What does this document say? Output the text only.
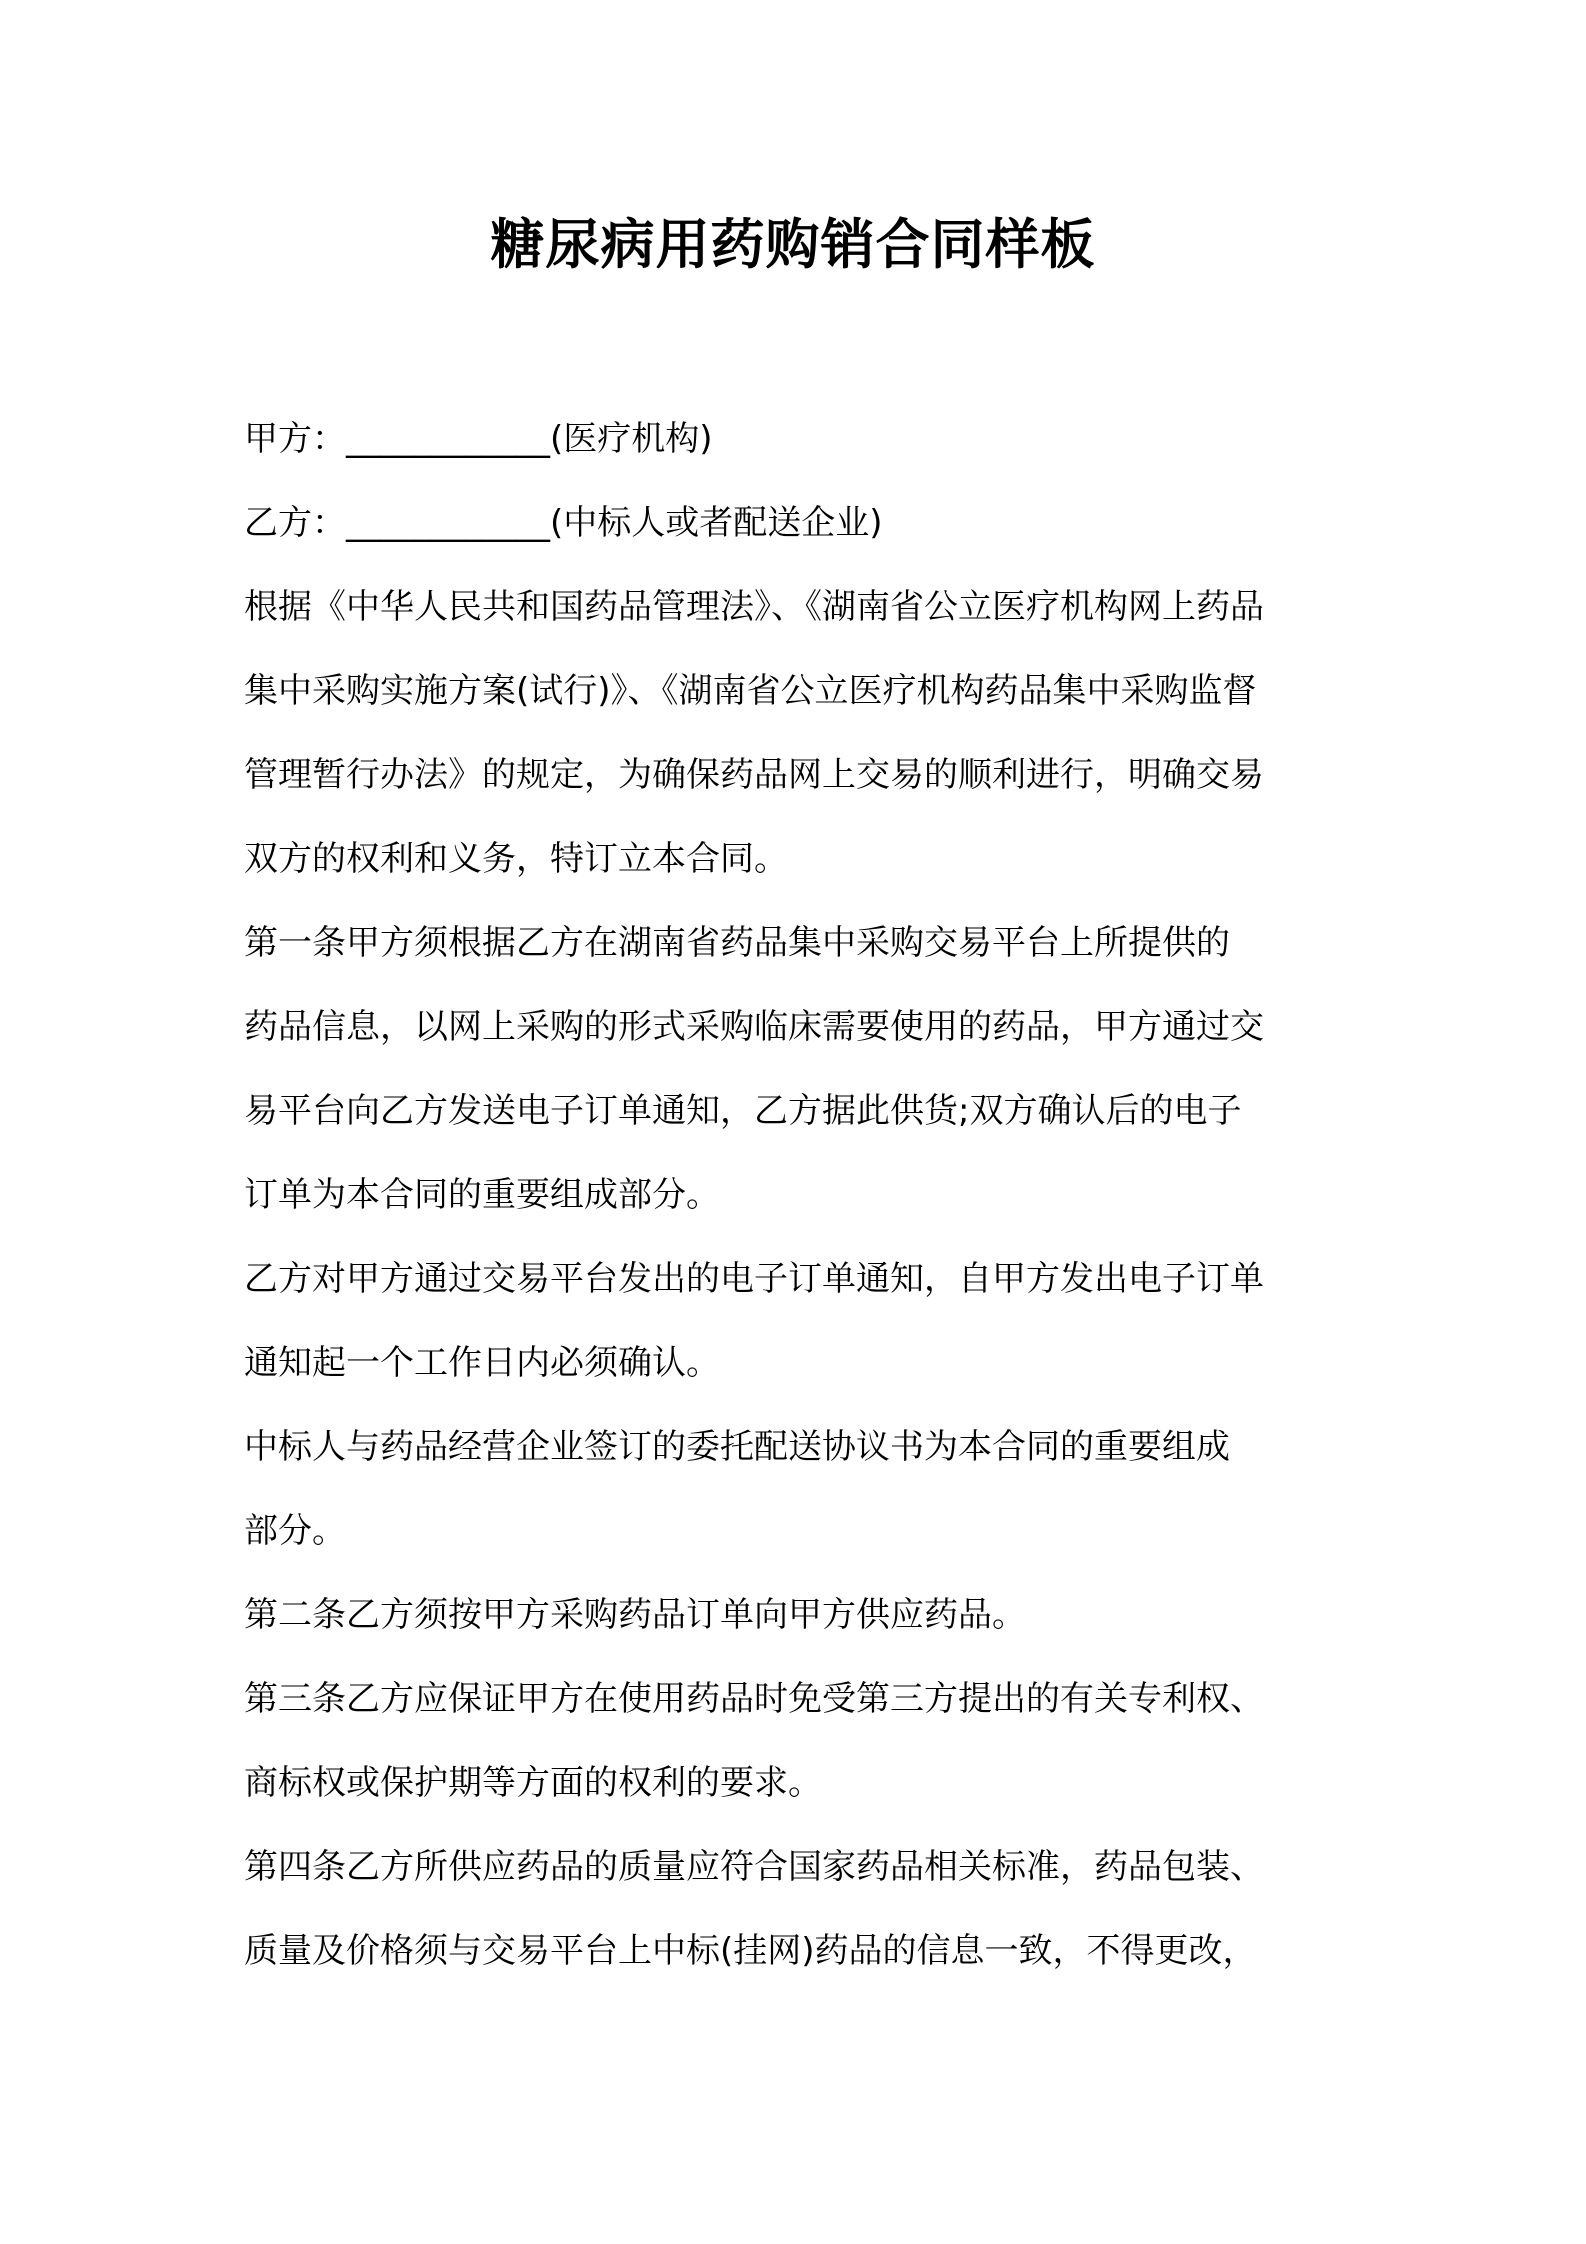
糖尿病用药购销合同样板
甲方：____________(医疗机构)
乙方：____________(中标人或者配送企业)
根据《中华人民共和国药品管理法》、《湖南省公立医疗机构网上药品
集中采购实施方案(试行)》、《湖南省公立医疗机构药品集中采购监督
管理暂行办法》的规定，为确保药品网上交易的顺利进行，明确交易
双方的权利和义务，特订立本合同。
第一条甲方须根据乙方在湖南省药品集中采购交易平台上所提供的
药品信息，以网上采购的形式采购临床需要使用的药品，甲方通过交
易平台向乙方发送电子订单通知，乙方据此供货;双方确认后的电子
订单为本合同的重要组成部分。
乙方对甲方通过交易平台发出的电子订单通知，自甲方发出电子订单
通知起一个工作日内必须确认。
中标人与药品经营企业签订的委托配送协议书为本合同的重要组成
部分。
第二条乙方须按甲方采购药品订单向甲方供应药品。
第三条乙方应保证甲方在使用药品时免受第三方提出的有关专利权、
商标权或保护期等方面的权利的要求。
第四条乙方所供应药品的质量应符合国家药品相关标准，药品包装、
质量及价格须与交易平台上中标(挂网)药品的信息一致，不得更改，
